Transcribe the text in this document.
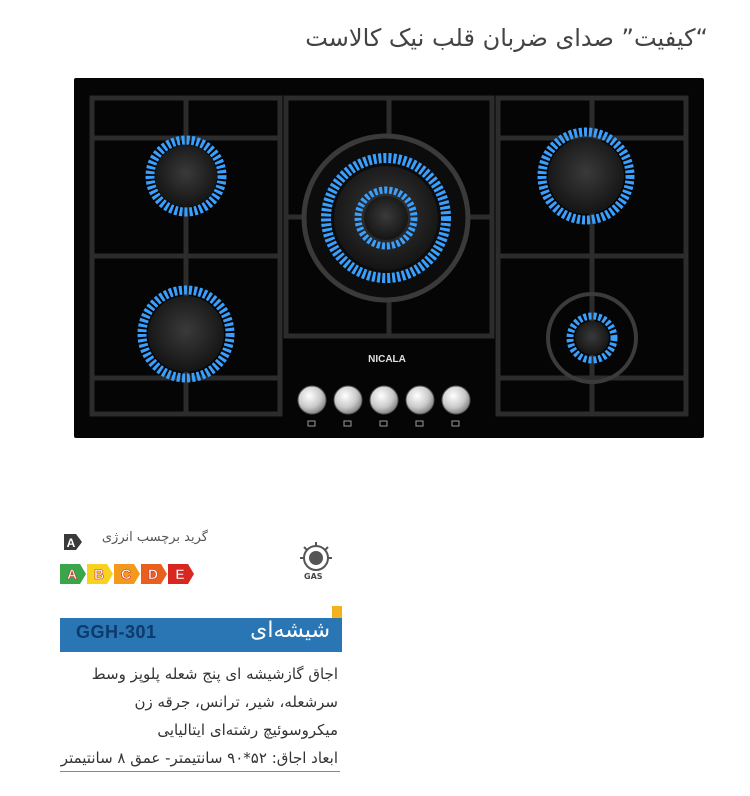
“کیفیت” صدای ضربان قلب نیک کالاست
NICALA
گرید برچسب انرژی
A
A B C D E	GAS
GGH-301	شیشه‌ای
اجاق گازشیشه ای پنج شعله پلوپز وسط
سرشعله، شیر، ترانس، جرقه زن
میکروسوئیچ رشته‌ای ایتالیایی
ابعاد اجاق: ۵۲*۹۰ سانتیمتر- عمق ۸ سانتیمتر
